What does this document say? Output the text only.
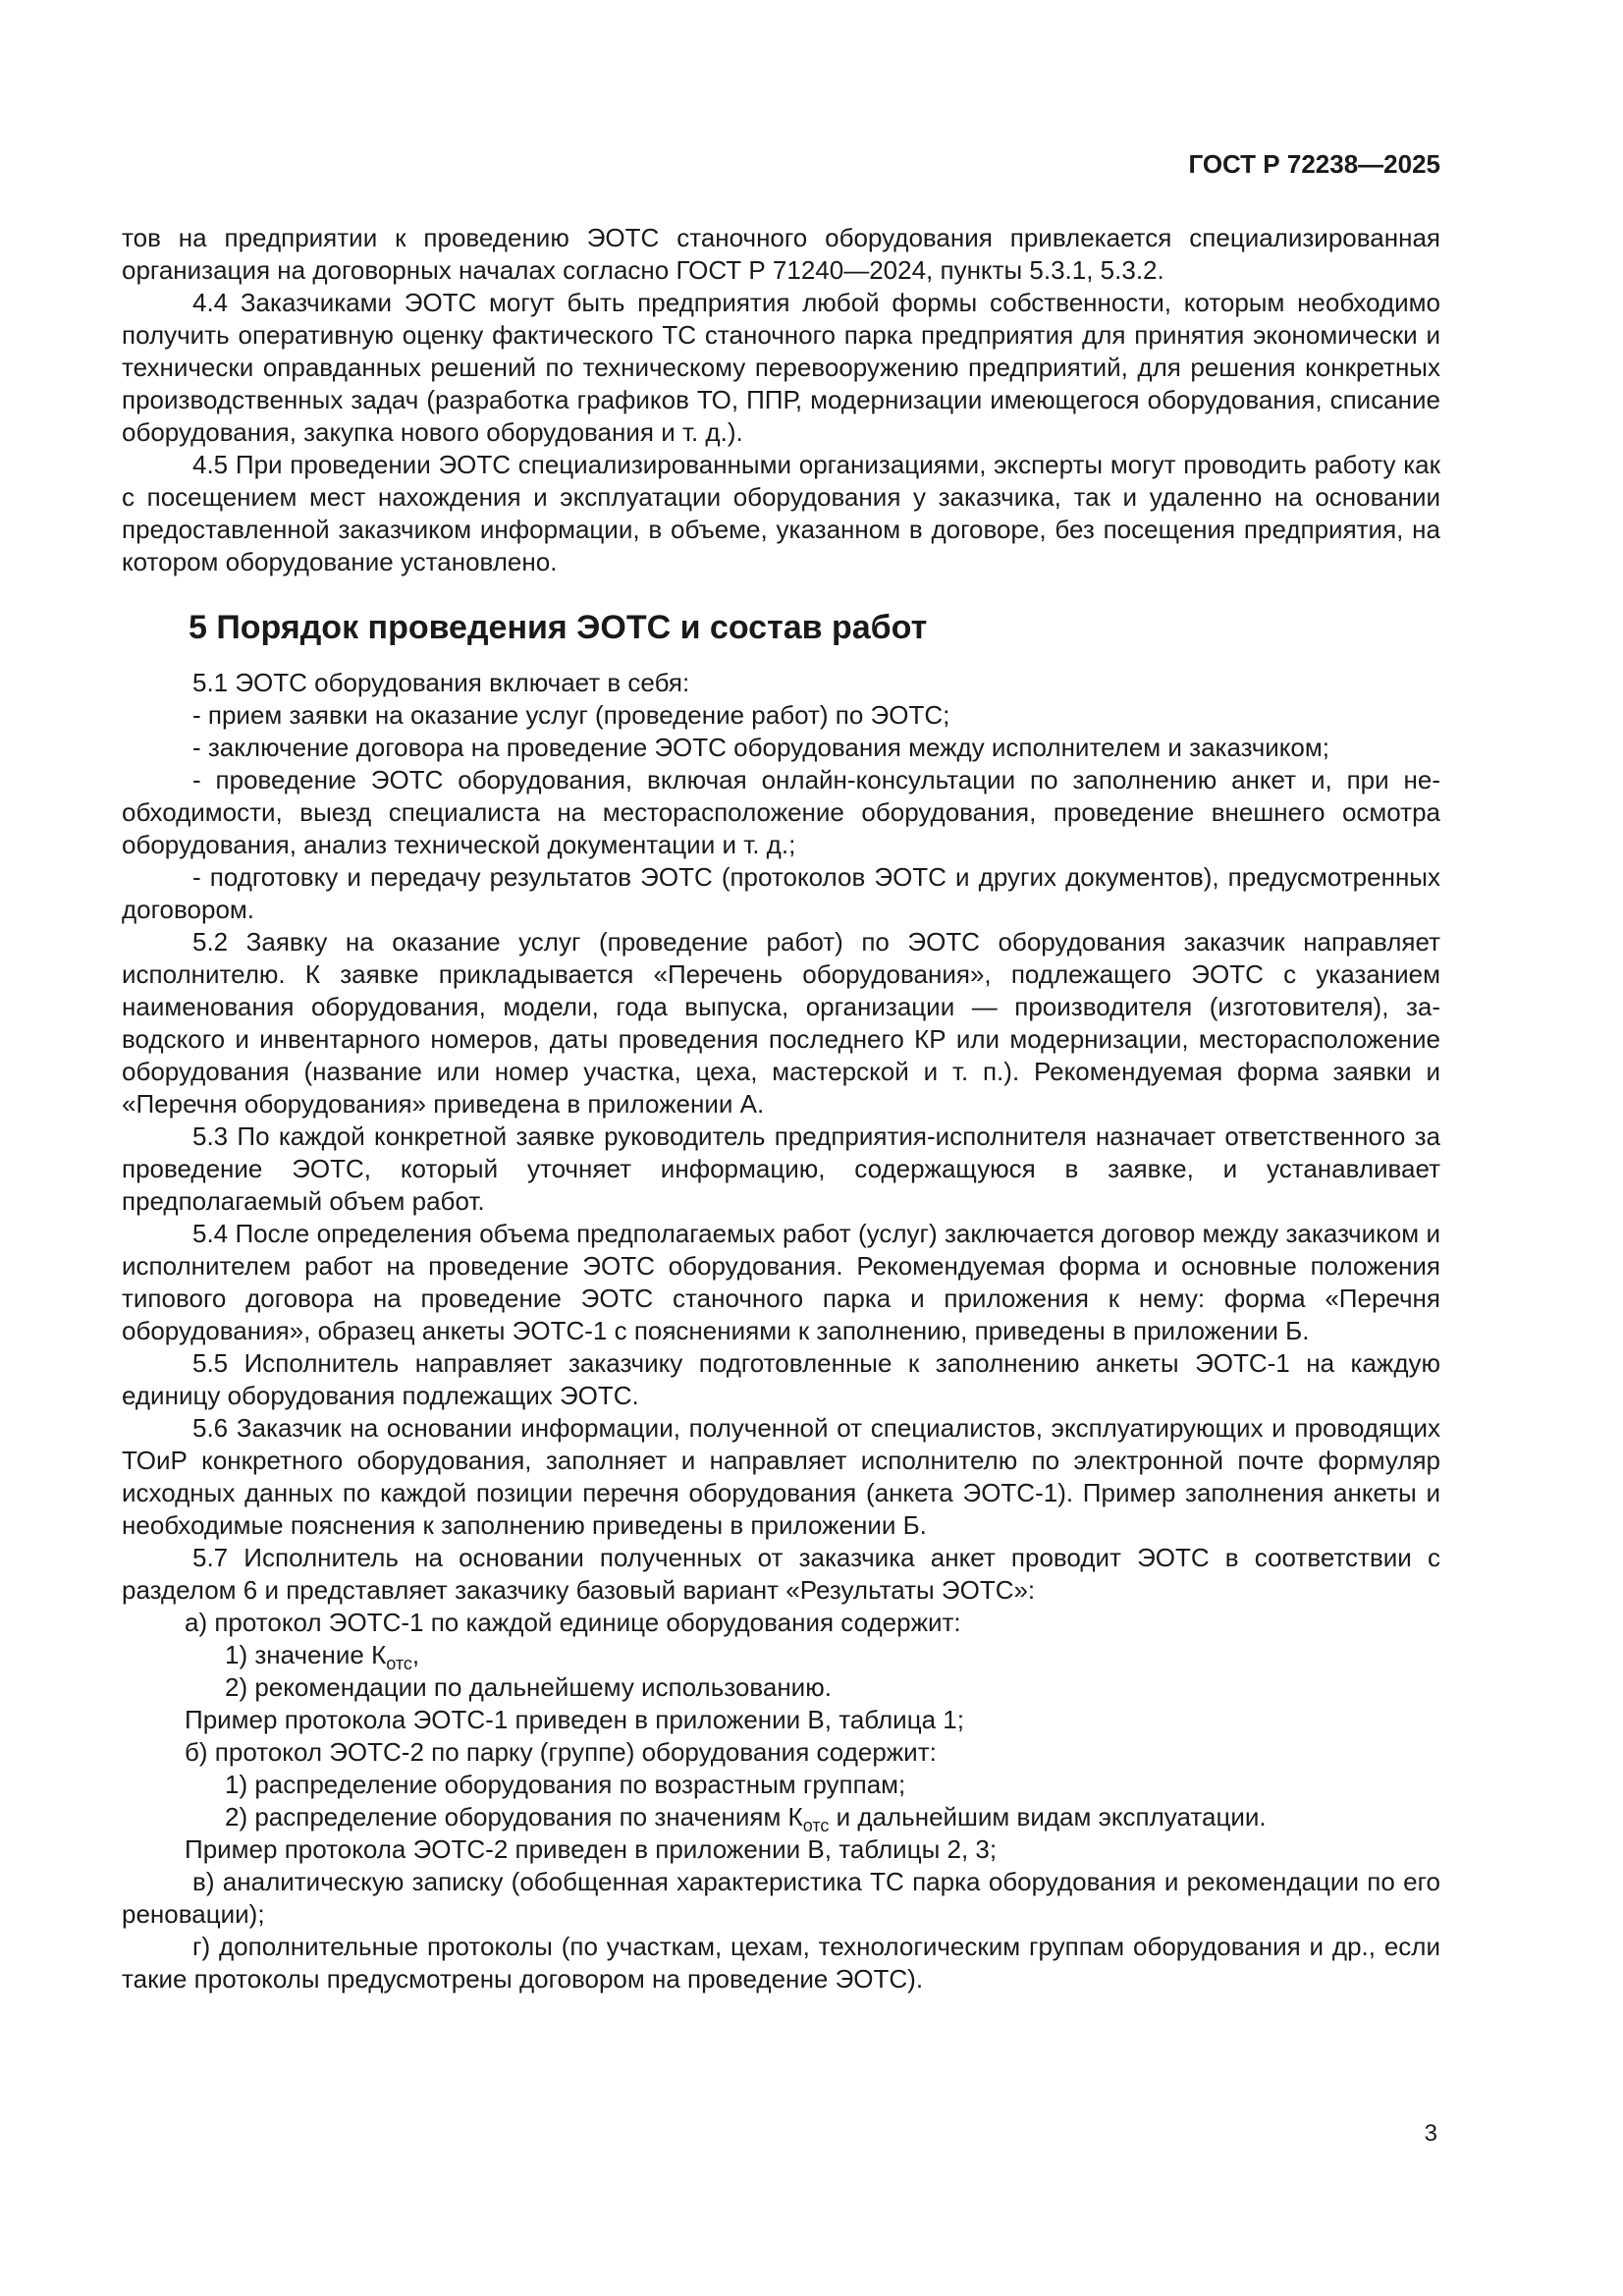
ГОСТ Р 72238—2025

тов на предприятии к проведению ЭОТС станочного оборудования привлекается специализированная организация на договорных началах согласно ГОСТ Р 71240—2024, пункты 5.3.1, 5.3.2.

4.4 Заказчиками ЭОТС могут быть предприятия любой формы собственности, которым необходимо получить оперативную оценку фактического ТС станочного парка предприятия для принятия экономически и технически оправданных решений по техническому перевооружению предприятий, для решения конкретных производственных задач (разработка графиков ТО, ППР, модернизации имеющегося оборудования, списание оборудования, закупка нового оборудования и т. д.).

4.5 При проведении ЭОТС специализированными организациями, эксперты могут проводить работу как с посещением мест нахождения и эксплуатации оборудования у заказчика, так и удаленно на основании предоставленной заказчиком информации, в объеме, указанном в договоре, без посещения предприятия, на котором оборудование установлено.

5 Порядок проведения ЭОТС и состав работ

5.1 ЭОТС оборудования включает в себя:

- прием заявки на оказание услуг (проведение работ) по ЭОТС;

- заключение договора на проведение ЭОТС оборудования между исполнителем и заказчиком;

- проведение ЭОТС оборудования, включая онлайн-консультации по заполнению анкет и, при необходимости, выезд специалиста на месторасположение оборудования, проведение внешнего осмотра оборудования, анализ технической документации и т. д.;

- подготовку и передачу результатов ЭОТС (протоколов ЭОТС и других документов), предусмотренных договором.

5.2 Заявку на оказание услуг (проведение работ) по ЭОТС оборудования заказчик направляет исполнителю. К заявке прикладывается «Перечень оборудования», подлежащего ЭОТС с указанием наименования оборудования, модели, года выпуска, организации — производителя (изготовителя), заводского и инвентарного номеров, даты проведения последнего КР или модернизации, месторасположение оборудования (название или номер участка, цеха, мастерской и т. п.). Рекомендуемая форма заявки и «Перечня оборудования» приведена в приложении А.

5.3 По каждой конкретной заявке руководитель предприятия-исполнителя назначает ответственного за проведение ЭОТС, который уточняет информацию, содержащуюся в заявке, и устанавливает предполагаемый объем работ.

5.4 После определения объема предполагаемых работ (услуг) заключается договор между заказчиком и исполнителем работ на проведение ЭОТС оборудования. Рекомендуемая форма и основные положения типового договора на проведение ЭОТС станочного парка и приложения к нему: форма «Перечня оборудования», образец анкеты ЭОТС-1 с пояснениями к заполнению, приведены в приложении Б.

5.5 Исполнитель направляет заказчику подготовленные к заполнению анкеты ЭОТС-1 на каждую единицу оборудования подлежащих ЭОТС.

5.6 Заказчик на основании информации, полученной от специалистов, эксплуатирующих и проводящих ТОиР конкретного оборудования, заполняет и направляет исполнителю по электронной почте формуляр исходных данных по каждой позиции перечня оборудования (анкета ЭОТС-1). Пример заполнения анкеты и необходимые пояснения к заполнению приведены в приложении Б.

5.7 Исполнитель на основании полученных от заказчика анкет проводит ЭОТС в соответствии с разделом 6 и представляет заказчику базовый вариант «Результаты ЭОТС»:

а) протокол ЭОТС-1 по каждой единице оборудования содержит:

1) значение $К_{отс}$,

2) рекомендации по дальнейшему использованию.

Пример протокола ЭОТС-1 приведен в приложении В, таблица 1;

б) протокол ЭОТС-2 по парку (группе) оборудования содержит:

1) распределение оборудования по возрастным группам;

2) распределение оборудования по значениям $К_{отс}$ и дальнейшим видам эксплуатации.

Пример протокола ЭОТС-2 приведен в приложении В, таблицы 2, 3;

в) аналитическую записку (обобщенная характеристика ТС парка оборудования и рекомендации по его реновации);

г) дополнительные протоколы (по участкам, цехам, технологическим группам оборудования и др., если такие протоколы предусмотрены договором на проведение ЭОТС).

3
